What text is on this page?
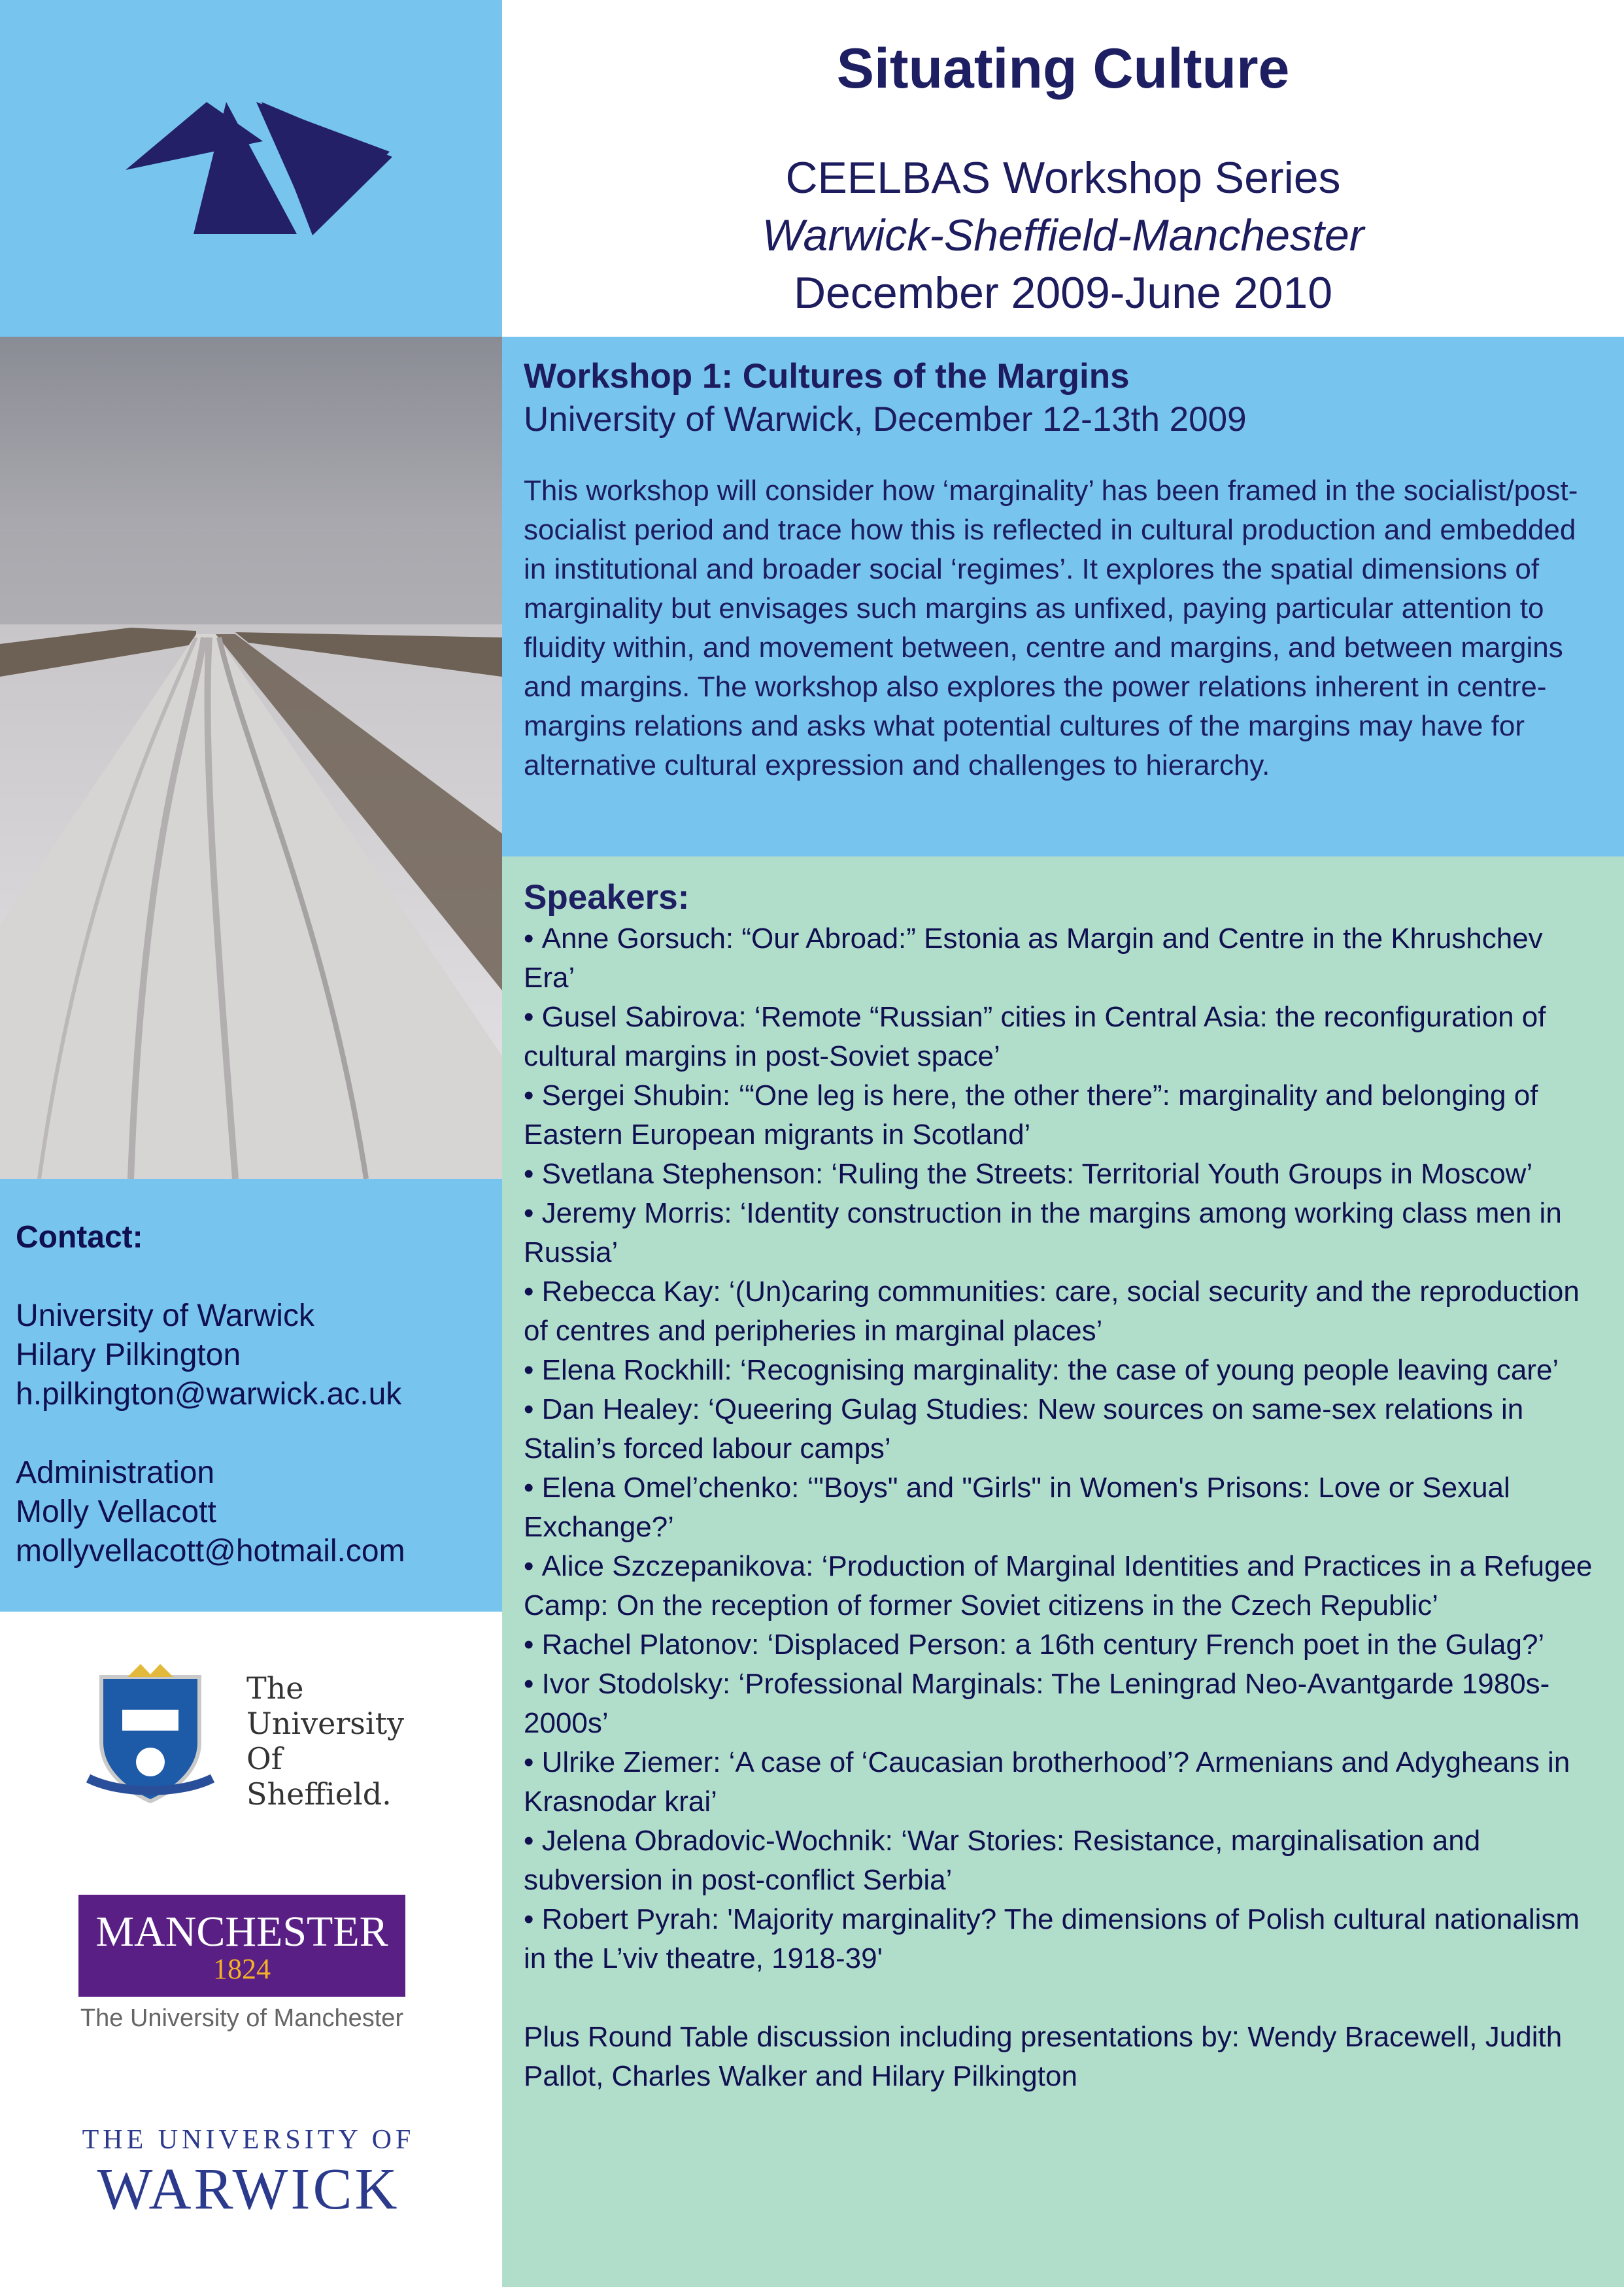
Contact:
University of Warwick
Hilary Pilkington
h.pilkington@warwick.ac.uk
Administration
Molly Vellacott
mollyvellacott@hotmail.com
The
University
Of
Sheffield.
MANCHESTER
1824
The University of Manchester
THE UNIVERSITY OF
WARWICK
Situating Culture
CEELBAS Workshop Series
Warwick-Sheffield-Manchester
December 2009-June 2010
Workshop 1: Cultures of the Margins
University of Warwick, December 12-13th 2009
This workshop will consider how ‘marginality’ has been framed in the socialist/post-socialist period and trace how this is reflected in cultural production and embedded in institutional and broader social ‘regimes’. It explores the spatial dimensions of marginality but envisages such margins as unfixed, paying particular attention to fluidity within, and movement between, centre and margins, and between margins and margins. The workshop also explores the power relations inherent in centre-margins relations and asks what potential cultures of the margins may have for alternative cultural expression and challenges to hierarchy.
Speakers:
• Anne Gorsuch: “Our Abroad:” Estonia as Margin and Centre in the Khrushchev Era’
• Gusel Sabirova: ‘Remote “Russian” cities in Central Asia: the reconfiguration of cultural margins in post-Soviet space’
• Sergei Shubin: ‘“One leg is here, the other there”: marginality and belonging of Eastern European migrants in Scotland’
• Svetlana Stephenson: ‘Ruling the Streets: Territorial Youth Groups in Moscow’
• Jeremy Morris: ‘Identity construction in the margins among working class men in Russia’
• Rebecca Kay: ‘(Un)caring communities: care, social security and the reproduction of centres and peripheries in marginal places’
• Elena Rockhill: ‘Recognising marginality: the case of young people leaving care’
• Dan Healey: ‘Queering Gulag Studies: New sources on same-sex relations in Stalin’s forced labour camps’
• Elena Omel’chenko: ‘"Boys" and "Girls" in Women's Prisons: Love or Sexual Exchange?’
• Alice Szczepanikova: ‘Production of Marginal Identities and Practices in a Refugee Camp: On the reception of former Soviet citizens in the Czech Republic’
• Rachel Platonov: ‘Displaced Person: a 16th century French poet in the Gulag?’
• Ivor Stodolsky: ‘Professional Marginals: The Leningrad Neo-Avantgarde 1980s-2000s’
• Ulrike Ziemer: ‘A case of ‘Caucasian brotherhood’? Armenians and Adygheans in Krasnodar krai’
• Jelena Obradovic-Wochnik: ‘War Stories: Resistance, marginalisation and subversion in post-conflict Serbia’
• Robert Pyrah: 'Majority marginality? The dimensions of Polish cultural nationalism in the L’viv theatre, 1918-39'
Plus Round Table discussion including presentations by: Wendy Bracewell, Judith Pallot, Charles Walker and Hilary Pilkington
